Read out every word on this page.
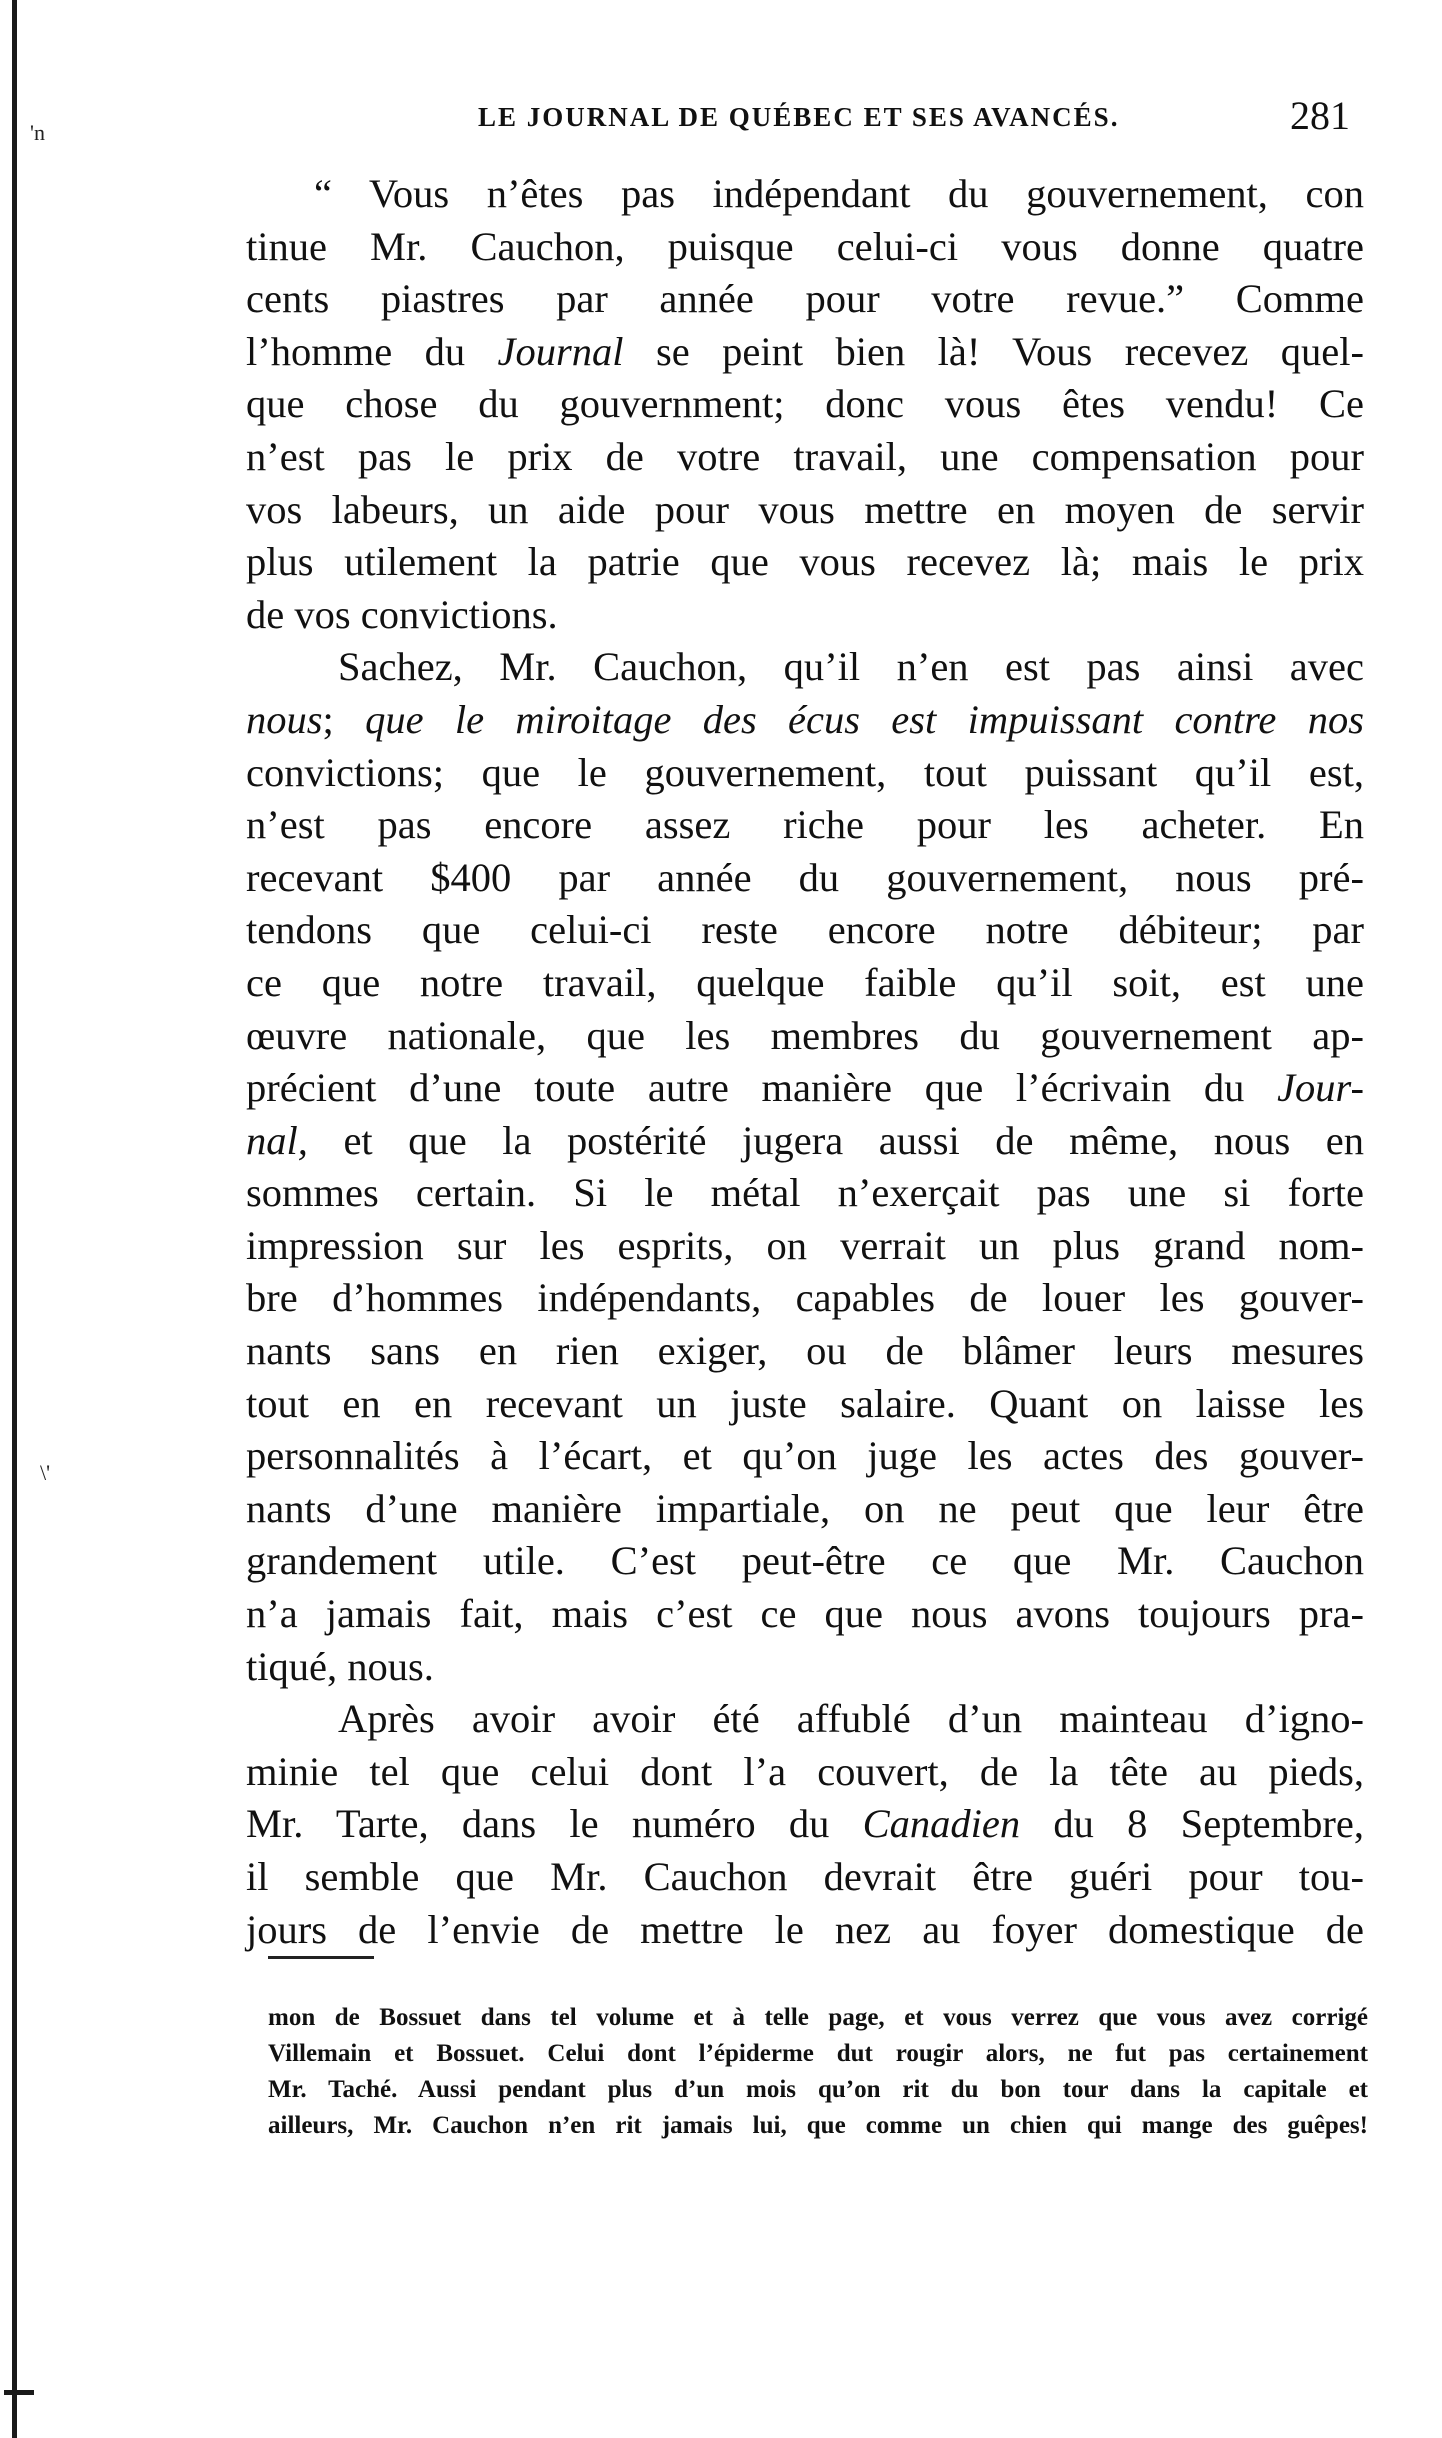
'n
\'
LE JOURNAL DE QUÉBEC ET SES AVANCÉS.	281
“ Vous n’êtes pas indépendant du gouvernement, con
tinue Mr. Cauchon, puisque celui-ci vous donne quatre
cents piastres par année pour votre revue.” Comme
l’homme du Journal se peint bien là! Vous recevez quel-
que chose du gouvernment; donc vous êtes vendu! Ce
n’est pas le prix de votre travail, une compensation pour
vos labeurs, un aide pour vous mettre en moyen de servir
plus utilement la patrie que vous recevez là; mais le prix
de vos convictions.
Sachez, Mr. Cauchon, qu’il n’en est pas ainsi avec
nous; que le miroitage des écus est impuissant contre nos
convictions; que le gouvernement, tout puissant qu’il est,
n’est pas encore assez riche pour les acheter. En
recevant $400 par année du gouvernement, nous pré-
tendons que celui-ci reste encore notre débiteur; par
ce que notre travail, quelque faible qu’il soit, est une
œuvre nationale, que les membres du gouvernement ap-
précient d’une toute autre manière que l’écrivain du Jour-
nal, et que la postérité jugera aussi de même, nous en
sommes certain. Si le métal n’exerçait pas une si forte
impression sur les esprits, on verrait un plus grand nom-
bre d’hommes indépendants, capables de louer les gouver-
nants sans en rien exiger, ou de blâmer leurs mesures
tout en en recevant un juste salaire. Quant on laisse les
personnalités à l’écart, et qu’on juge les actes des gouver-
nants d’une manière impartiale, on ne peut que leur être
grandement utile. C’est peut-être ce que Mr. Cauchon
n’a jamais fait, mais c’est ce que nous avons toujours pra-
tiqué, nous.
Après avoir avoir été affublé d’un mainteau d’igno-
minie tel que celui dont l’a couvert, de la tête au pieds,
Mr. Tarte, dans le numéro du Canadien du 8 Septembre,
il semble que Mr. Cauchon devrait être guéri pour tou-
jours de l’envie de mettre le nez au foyer domestique de
mon de Bossuet dans tel volume et à telle page, et vous verrez que vous avez corrigé
Villemain et Bossuet. Celui dont l’épiderme dut rougir alors, ne fut pas certainement
Mr. Taché. Aussi pendant plus d’un mois qu’on rit du bon tour dans la capitale et
ailleurs, Mr. Cauchon n’en rit jamais lui, que comme un chien qui mange des guêpes!
